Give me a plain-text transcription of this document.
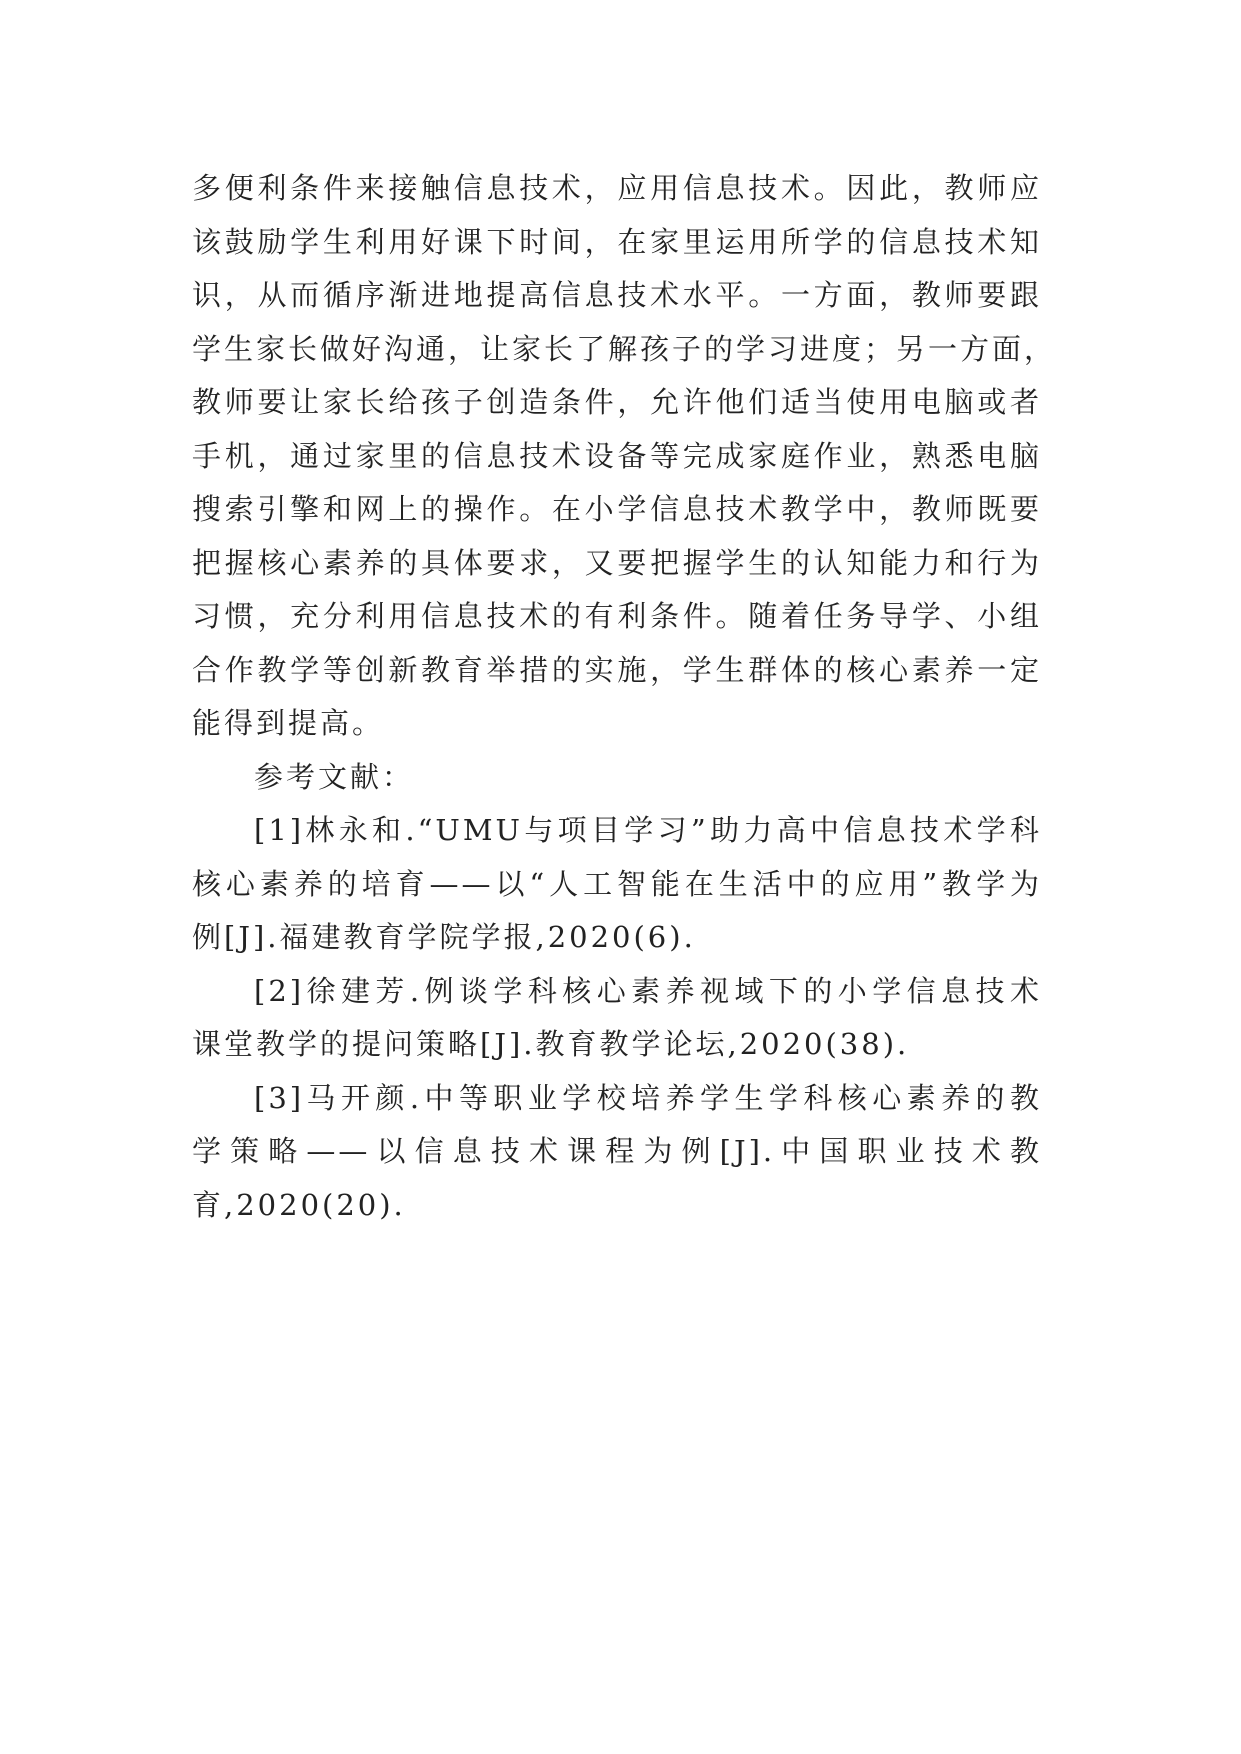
多便利条件来接触信息技术，应用信息技术。因此，教师应
该鼓励学生利用好课下时间，在家里运用所学的信息技术知
识，从而循序渐进地提高信息技术水平。一方面，教师要跟
学生家长做好沟通，让家长了解孩子的学习进度；另一方面，
教师要让家长给孩子创造条件，允许他们适当使用电脑或者
手机，通过家里的信息技术设备等完成家庭作业，熟悉电脑
搜索引擎和网上的操作。在小学信息技术教学中，教师既要
把握核心素养的具体要求，又要把握学生的认知能力和行为
习惯，充分利用信息技术的有利条件。随着任务导学、小组
合作教学等创新教育举措的实施，学生群体的核心素养一定
能得到提高。
参考文献：
[1]林永和.“UMU与项目学习”助力高中信息技术学科
核心素养的培育——以“人工智能在生活中的应用”教学为
例[J].福建教育学院学报,2020(6).
[2]徐建芳.例谈学科核心素养视域下的小学信息技术
课堂教学的提问策略[J].教育教学论坛,2020(38).
[3]马开颜.中等职业学校培养学生学科核心素养的教
学策略——以信息技术课程为例[J].中国职业技术教
育,2020(20).
